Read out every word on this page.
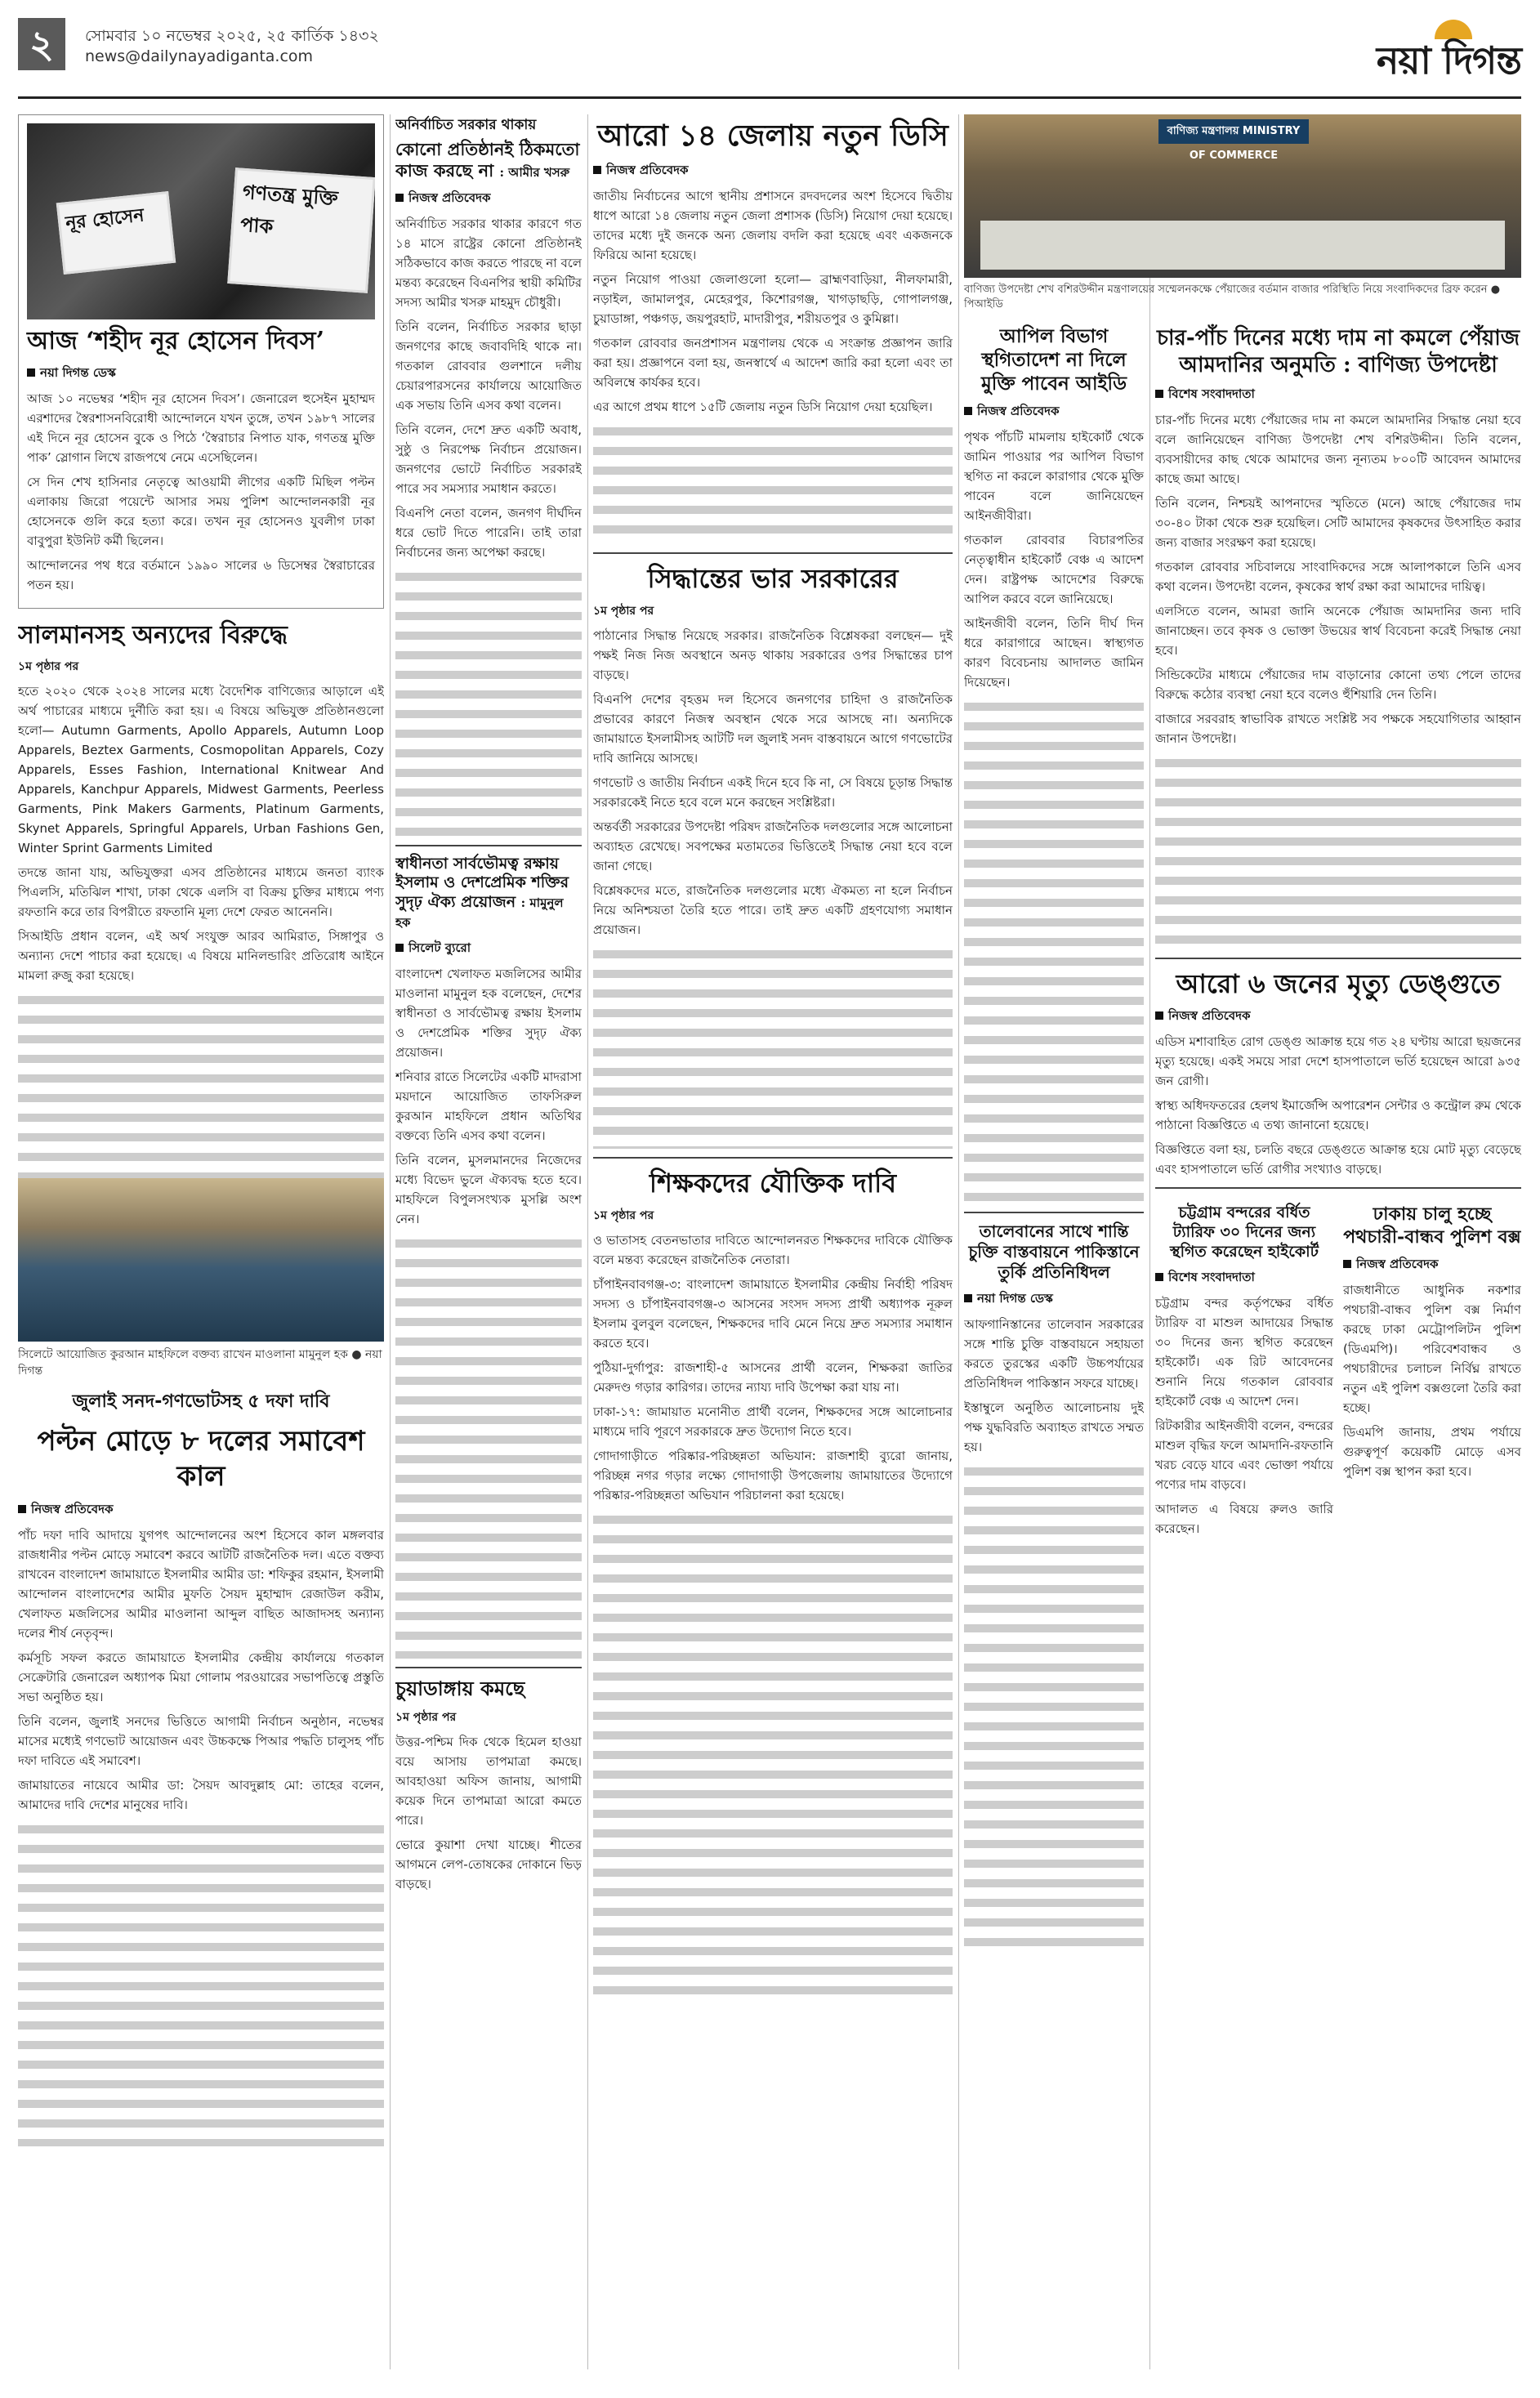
২	সোমবার ১০ নভেম্বর ২০২৫, ২৫ কার্তিক ১৪৩২
news@dailynayadiganta.com	নয়া দিগন্ত
নূর হোসেন
গণতন্ত্র মুক্তি পাক
আজ ‘শহীদ নূর হোসেন দিবস’
নয়া দিগন্ত ডেস্ক

আজ ১০ নভেম্বর ‘শহীদ নূর হোসেন দিবস’। জেনারেল হুসেইন মুহাম্মদ এরশাদের স্বৈরশাসনবিরোধী আন্দোলনে যখন তুঙ্গে, তখন ১৯৮৭ সালের এই দিনে নূর হোসেন বুকে ও পিঠে ‘স্বৈরাচার নিপাত যাক, গণতন্ত্র মুক্তি পাক’ স্লোগান লিখে রাজপথে নেমে এসেছিলেন।

সে দিন শেখ হাসিনার নেতৃত্বে আওয়ামী লীগের একটি মিছিল পল্টন এলাকায় জিরো পয়েন্টে আসার সময় পুলিশ আন্দোলনকারী নূর হোসেনকে গুলি করে হত্যা করে। তখন নূর হোসেনও যুবলীগ ঢাকা বাবুপুরা ইউনিট কর্মী ছিলেন।

আন্দোলনের পথ ধরে বর্তমানে ১৯৯০ সালের ৬ ডিসেম্বর স্বৈরাচারের পতন হয়।

সালমানসহ অন্যদের বিরুদ্ধে
১ম পৃষ্ঠার পর

হতে ২০২০ থেকে ২০২৪ সালের মধ্যে বৈদেশিক বাণিজ্যের আড়ালে এই অর্থ পাচারের মাধ্যমে দুর্নীতি করা হয়। এ বিষয়ে অভিযুক্ত প্রতিষ্ঠানগুলো হলো— Autumn Garments, Apollo Apparels, Autumn Loop Apparels, Beztex Garments, Cosmopolitan Apparels, Cozy Apparels, Esses Fashion, International Knitwear And Apparels, Kanchpur Apparels, Midwest Garments, Peerless Garments, Pink Makers Garments, Platinum Garments, Skynet Apparels, Springful Apparels, Urban Fashions Gen, Winter Sprint Garments Limited

তদন্তে জানা যায়, অভিযুক্তরা এসব প্রতিষ্ঠানের মাধ্যমে জনতা ব্যাংক পিএলসি, মতিঝিল শাখা, ঢাকা থেকে এলসি বা বিক্রয় চুক্তির মাধ্যমে পণ্য রফতানি করে তার বিপরীতে রফতানি মূল্য দেশে ফেরত আনেননি।

সিআইডি প্রধান বলেন, এই অর্থ সংযুক্ত আরব আমিরাত, সিঙ্গাপুর ও অন্যান্য দেশে পাচার করা হয়েছে। এ বিষয়ে মানিলন্ডারিং প্রতিরোধ আইনে মামলা রুজু করা হয়েছে।

সিলেটে আয়োজিত কুরআন মাহফিলে বক্তব্য রাখেন মাওলানা মামুনুল হক ● নয়া দিগন্ত
জুলাই সনদ-গণভোটসহ ৫ দফা দাবি
পল্টন মোড়ে ৮ দলের সমাবেশ কাল
নিজস্ব প্রতিবেদক

পাঁচ দফা দাবি আদায়ে যুগপৎ আন্দোলনের অংশ হিসেবে কাল মঙ্গলবার রাজধানীর পল্টন মোড়ে সমাবেশ করবে আটটি রাজনৈতিক দল। এতে বক্তব্য রাখবেন বাংলাদেশ জামায়াতে ইসলামীর আমীর ডা: শফিকুর রহমান, ইসলামী আন্দোলন বাংলাদেশের আমীর মুফতি সৈয়দ মুহাম্মাদ রেজাউল করীম, খেলাফত মজলিসের আমীর মাওলানা আব্দুল বাছিত আজাদসহ অন্যান্য দলের শীর্ষ নেতৃবৃন্দ।

কর্মসূচি সফল করতে জামায়াতে ইসলামীর কেন্দ্রীয় কার্যালয়ে গতকাল সেক্রেটারি জেনারেল অধ্যাপক মিয়া গোলাম পরওয়ারের সভাপতিত্বে প্রস্তুতি সভা অনুষ্ঠিত হয়।

তিনি বলেন, জুলাই সনদের ভিত্তিতে আগামী নির্বাচন অনুষ্ঠান, নভেম্বর মাসের মধ্যেই গণভোট আয়োজন এবং উচ্চকক্ষে পিআর পদ্ধতি চালুসহ পাঁচ দফা দাবিতে এই সমাবেশ।

জামায়াতের নায়েবে আমীর ডা: সৈয়দ আবদুল্লাহ মো: তাহের বলেন, আমাদের দাবি দেশের মানুষের দাবি।

অনির্বাচিত সরকার থাকায়
কোনো প্রতিষ্ঠানই ঠিকমতো কাজ করছে না : আমীর খসরু
নিজস্ব প্রতিবেদক

অনির্বাচিত সরকার থাকার কারণে গত ১৪ মাসে রাষ্ট্রের কোনো প্রতিষ্ঠানই সঠিকভাবে কাজ করতে পারছে না বলে মন্তব্য করেছেন বিএনপির স্থায়ী কমিটির সদস্য আমীর খসরু মাহমুদ চৌধুরী।

তিনি বলেন, নির্বাচিত সরকার ছাড়া জনগণের কাছে জবাবদিহি থাকে না। গতকাল রোববার গুলশানে দলীয় চেয়ারপারসনের কার্যালয়ে আয়োজিত এক সভায় তিনি এসব কথা বলেন।

তিনি বলেন, দেশে দ্রুত একটি অবাধ, সুষ্ঠু ও নিরপেক্ষ নির্বাচন প্রয়োজন। জনগণের ভোটে নির্বাচিত সরকারই পারে সব সমস্যার সমাধান করতে।

বিএনপি নেতা বলেন, জনগণ দীর্ঘদিন ধরে ভোট দিতে পারেনি। তাই তারা নির্বাচনের জন্য অপেক্ষা করছে।

স্বাধীনতা সার্বভৌমত্ব রক্ষায় ইসলাম ও দেশপ্রেমিক শক্তির সুদৃঢ় ঐক্য প্রয়োজন : মামুনুল হক
সিলেট ব্যুরো

বাংলাদেশ খেলাফত মজলিসের আমীর মাওলানা মামুনুল হক বলেছেন, দেশের স্বাধীনতা ও সার্বভৌমত্ব রক্ষায় ইসলাম ও দেশপ্রেমিক শক্তির সুদৃঢ় ঐক্য প্রয়োজন।

শনিবার রাতে সিলেটের একটি মাদরাসা ময়দানে আয়োজিত তাফসিরুল কুরআন মাহফিলে প্রধান অতিথির বক্তব্যে তিনি এসব কথা বলেন।

তিনি বলেন, মুসলমানদের নিজেদের মধ্যে বিভেদ ভুলে ঐক্যবদ্ধ হতে হবে। মাহফিলে বিপুলসংখ্যক মুসল্লি অংশ নেন।

চুয়াডাঙ্গায় কমছে
১ম পৃষ্ঠার পর

উত্তর-পশ্চিম দিক থেকে হিমেল হাওয়া বয়ে আসায় তাপমাত্রা কমছে। আবহাওয়া অফিস জানায়, আগামী কয়েক দিনে তাপমাত্রা আরো কমতে পারে।

ভোরে কুয়াশা দেখা যাচ্ছে। শীতের আগমনে লেপ-তোষকের দোকানে ভিড় বাড়ছে।

আরো ১৪ জেলায় নতুন ডিসি
নিজস্ব প্রতিবেদক

জাতীয় নির্বাচনের আগে স্থানীয় প্রশাসনে রদবদলের অংশ হিসেবে দ্বিতীয় ধাপে আরো ১৪ জেলায় নতুন জেলা প্রশাসক (ডিসি) নিয়োগ দেয়া হয়েছে। তাদের মধ্যে দুই জনকে অন্য জেলায় বদলি করা হয়েছে এবং একজনকে ফিরিয়ে আনা হয়েছে।

নতুন নিয়োগ পাওয়া জেলাগুলো হলো— ব্রাহ্মণবাড়িয়া, নীলফামারী, নড়াইল, জামালপুর, মেহেরপুর, কিশোরগঞ্জ, খাগড়াছড়ি, গোপালগঞ্জ, চুয়াডাঙ্গা, পঞ্চগড়, জয়পুরহাট, মাদারীপুর, শরীয়তপুর ও কুমিল্লা।

গতকাল রোববার জনপ্রশাসন মন্ত্রণালয় থেকে এ সংক্রান্ত প্রজ্ঞাপন জারি করা হয়। প্রজ্ঞাপনে বলা হয়, জনস্বার্থে এ আদেশ জারি করা হলো এবং তা অবিলম্বে কার্যকর হবে।

এর আগে প্রথম ধাপে ১৫টি জেলায় নতুন ডিসি নিয়োগ দেয়া হয়েছিল।

সিদ্ধান্তের ভার সরকারের
১ম পৃষ্ঠার পর

পাঠানোর সিদ্ধান্ত নিয়েছে সরকার। রাজনৈতিক বিশ্লেষকরা বলছেন— দুই পক্ষই নিজ নিজ অবস্থানে অনড় থাকায় সরকারের ওপর সিদ্ধান্তের চাপ বাড়ছে।

বিএনপি দেশের বৃহত্তম দল হিসেবে জনগণের চাহিদা ও রাজনৈতিক প্রভাবের কারণে নিজস্ব অবস্থান থেকে সরে আসছে না। অন্যদিকে জামায়াতে ইসলামীসহ আটটি দল জুলাই সনদ বাস্তবায়নে আগে গণভোটের দাবি জানিয়ে আসছে।

গণভোট ও জাতীয় নির্বাচন একই দিনে হবে কি না, সে বিষয়ে চূড়ান্ত সিদ্ধান্ত সরকারকেই নিতে হবে বলে মনে করছেন সংশ্লিষ্টরা।

অন্তর্বর্তী সরকারের উপদেষ্টা পরিষদ রাজনৈতিক দলগুলোর সঙ্গে আলোচনা অব্যাহত রেখেছে। সবপক্ষের মতামতের ভিত্তিতেই সিদ্ধান্ত নেয়া হবে বলে জানা গেছে।

বিশ্লেষকদের মতে, রাজনৈতিক দলগুলোর মধ্যে ঐকমত্য না হলে নির্বাচন নিয়ে অনিশ্চয়তা তৈরি হতে পারে। তাই দ্রুত একটি গ্রহণযোগ্য সমাধান প্রয়োজন।

শিক্ষকদের যৌক্তিক দাবি
১ম পৃষ্ঠার পর

ও ভাতাসহ বেতনভাতার দাবিতে আন্দোলনরত শিক্ষকদের দাবিকে যৌক্তিক বলে মন্তব্য করেছেন রাজনৈতিক নেতারা।

চাঁপাইনবাবগঞ্জ-৩: বাংলাদেশ জামায়াতে ইসলামীর কেন্দ্রীয় নির্বাহী পরিষদ সদস্য ও চাঁপাইনবাবগঞ্জ-৩ আসনের সংসদ সদস্য প্রার্থী অধ্যাপক নূরুল ইসলাম বুলবুল বলেছেন, শিক্ষকদের দাবি মেনে নিয়ে দ্রুত সমস্যার সমাধান করতে হবে।

পুঠিয়া-দুর্গাপুর: রাজশাহী-৫ আসনের প্রার্থী বলেন, শিক্ষকরা জাতির মেরুদণ্ড গড়ার কারিগর। তাদের ন্যায্য দাবি উপেক্ষা করা যায় না।

ঢাকা-১৭: জামায়াত মনোনীত প্রার্থী বলেন, শিক্ষকদের সঙ্গে আলোচনার মাধ্যমে দাবি পূরণে সরকারকে দ্রুত উদ্যোগ নিতে হবে।

গোদাগাড়ীতে পরিষ্কার-পরিচ্ছন্নতা অভিযান: রাজশাহী ব্যুরো জানায়, পরিচ্ছন্ন নগর গড়ার লক্ষ্যে গোদাগাড়ী উপজেলায় জামায়াতের উদ্যোগে পরিষ্কার-পরিচ্ছন্নতা অভিযান পরিচালনা করা হয়েছে।

বাণিজ্য মন্ত্রণালয় MINISTRY OF COMMERCE
বাণিজ্য উপদেষ্টা শেখ বশিরউদ্দীন মন্ত্রণালয়ের সম্মেলনকক্ষে পেঁয়াজের বর্তমান বাজার পরিস্থিতি নিয়ে সংবাদিকদের ব্রিফ করেন ● পিআইডি
আপিল বিভাগ স্থগিতাদেশ না দিলে মুক্তি পাবেন আইডি
নিজস্ব প্রতিবেদক

পৃথক পাঁচটি মামলায় হাইকোর্ট থেকে জামিন পাওয়ার পর আপিল বিভাগ স্থগিত না করলে কারাগার থেকে মুক্তি পাবেন বলে জানিয়েছেন আইনজীবীরা।

গতকাল রোববার বিচারপতির নেতৃত্বাধীন হাইকোর্ট বেঞ্চ এ আদেশ দেন। রাষ্ট্রপক্ষ আদেশের বিরুদ্ধে আপিল করবে বলে জানিয়েছে।

আইনজীবী বলেন, তিনি দীর্ঘ দিন ধরে কারাগারে আছেন। স্বাস্থ্যগত কারণ বিবেচনায় আদালত জামিন দিয়েছেন।

তালেবানের সাথে শান্তি চুক্তি বাস্তবায়নে পাকিস্তানে তুর্কি প্রতিনিধিদল
নয়া দিগন্ত ডেস্ক

আফগানিস্তানের তালেবান সরকারের সঙ্গে শান্তি চুক্তি বাস্তবায়নে সহায়তা করতে তুরস্কের একটি উচ্চপর্যায়ের প্রতিনিধিদল পাকিস্তান সফরে যাচ্ছে।

ইস্তাম্বুলে অনুষ্ঠিত আলোচনায় দুই পক্ষ যুদ্ধবিরতি অব্যাহত রাখতে সম্মত হয়।

চার-পাঁচ দিনের মধ্যে দাম না কমলে পেঁয়াজ আমদানির অনুমতি : বাণিজ্য উপদেষ্টা
বিশেষ সংবাদদাতা

চার-পাঁচ দিনের মধ্যে পেঁয়াজের দাম না কমলে আমদানির সিদ্ধান্ত নেয়া হবে বলে জানিয়েছেন বাণিজ্য উপদেষ্টা শেখ বশিরউদ্দীন। তিনি বলেন, ব্যবসায়ীদের কাছ থেকে আমাদের জন্য নূন্যতম ৮০০টি আবেদন আমাদের কাছে জমা আছে।

তিনি বলেন, নিশ্চয়ই আপনাদের স্মৃতিতে (মনে) আছে পেঁয়াজের দাম ৩০-৪০ টাকা থেকে শুরু হয়েছিল। সেটি আমাদের কৃষকদের উৎসাহিত করার জন্য বাজার সংরক্ষণ করা হয়েছে।

গতকাল রোববার সচিবালয়ে সাংবাদিকদের সঙ্গে আলাপকালে তিনি এসব কথা বলেন। উপদেষ্টা বলেন, কৃষকের স্বার্থ রক্ষা করা আমাদের দায়িত্ব।

এলসিতে বলেন, আমরা জানি অনেকে পেঁয়াজ আমদানির জন্য দাবি জানাচ্ছেন। তবে কৃষক ও ভোক্তা উভয়ের স্বার্থ বিবেচনা করেই সিদ্ধান্ত নেয়া হবে।

সিন্ডিকেটের মাধ্যমে পেঁয়াজের দাম বাড়ানোর কোনো তথ্য পেলে তাদের বিরুদ্ধে কঠোর ব্যবস্থা নেয়া হবে বলেও হুঁশিয়ারি দেন তিনি।

বাজারে সরবরাহ স্বাভাবিক রাখতে সংশ্লিষ্ট সব পক্ষকে সহযোগিতার আহ্বান জানান উপদেষ্টা।

আরো ৬ জনের মৃত্যু ডেঙ্গুতে
নিজস্ব প্রতিবেদক

এডিস মশাবাহিত রোগ ডেঙ্গু আক্রান্ত হয়ে গত ২৪ ঘণ্টায় আরো ছয়জনের মৃত্যু হয়েছে। একই সময়ে সারা দেশে হাসপাতালে ভর্তি হয়েছেন আরো ৯৩৫ জন রোগী।

স্বাস্থ্য অধিদফতরের হেলথ ইমার্জেন্সি অপারেশন সেন্টার ও কন্ট্রোল রুম থেকে পাঠানো বিজ্ঞপ্তিতে এ তথ্য জানানো হয়েছে।

বিজ্ঞপ্তিতে বলা হয়, চলতি বছরে ডেঙ্গুতে আক্রান্ত হয়ে মোট মৃত্যু বেড়েছে এবং হাসপাতালে ভর্তি রোগীর সংখ্যাও বাড়ছে।

চট্টগ্রাম বন্দরের বর্ধিত ট্যারিফ ৩০ দিনের জন্য স্থগিত করেছেন হাইকোর্ট
বিশেষ সংবাদদাতা

চট্টগ্রাম বন্দর কর্তৃপক্ষের বর্ধিত ট্যারিফ বা মাশুল আদায়ের সিদ্ধান্ত ৩০ দিনের জন্য স্থগিত করেছেন হাইকোর্ট। এক রিট আবেদনের শুনানি নিয়ে গতকাল রোববার হাইকোর্ট বেঞ্চ এ আদেশ দেন।

রিটকারীর আইনজীবী বলেন, বন্দরের মাশুল বৃদ্ধির ফলে আমদানি-রফতানি খরচ বেড়ে যাবে এবং ভোক্তা পর্যায়ে পণ্যের দাম বাড়বে।

আদালত এ বিষয়ে রুলও জারি করেছেন।

ঢাকায় চালু হচ্ছে পথচারী-বান্ধব পুলিশ বক্স
নিজস্ব প্রতিবেদক

রাজধানীতে আধুনিক নকশার পথচারী-বান্ধব পুলিশ বক্স নির্মাণ করছে ঢাকা মেট্রোপলিটন পুলিশ (ডিএমপি)। পরিবেশবান্ধব ও পথচারীদের চলাচল নির্বিঘ্ন রাখতে নতুন এই পুলিশ বক্সগুলো তৈরি করা হচ্ছে।

ডিএমপি জানায়, প্রথম পর্যায়ে গুরুত্বপূর্ণ কয়েকটি মোড়ে এসব পুলিশ বক্স স্থাপন করা হবে।
